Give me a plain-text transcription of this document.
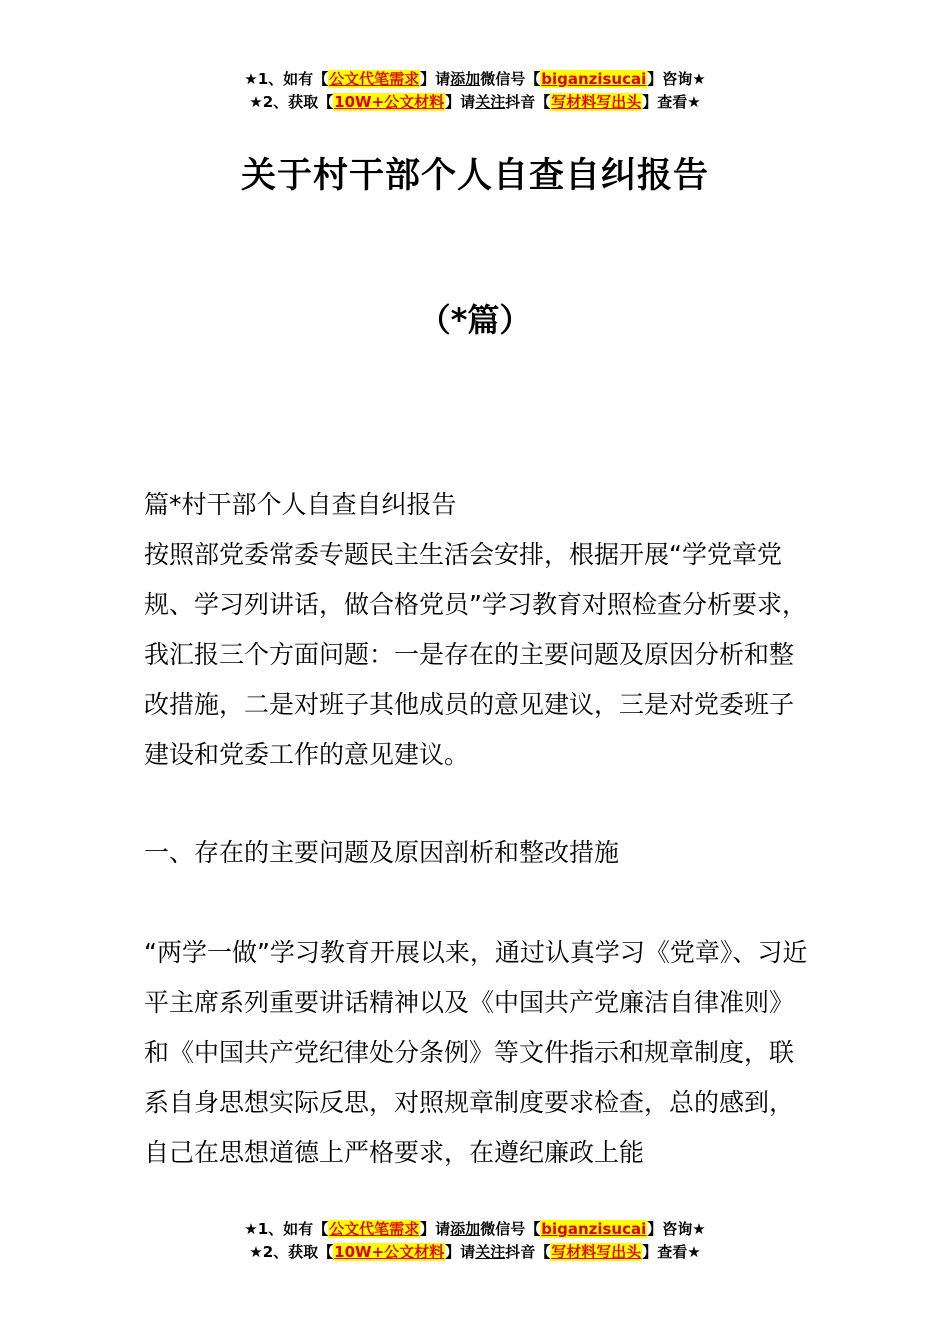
★1、如有【公文代笔需求】请添加微信号【biganzisucai】咨询★
★2、获取【10W+公文材料】请关注抖音【写材料写出头】查看★
关于村干部个人自查自纠报告
（*篇）

篇*村干部个人自查自纠报告

按照部党委常委专题民主生活会安排，根据开展“学党章党规、学习列讲话，做合格党员”学习教育对照检查分析要求，我汇报三个方面问题：一是存在的主要问题及原因分析和整改措施，二是对班子其他成员的意见建议，三是对党委班子建设和党委工作的意见建议。

一、存在的主要问题及原因剖析和整改措施

“两学一做”学习教育开展以来，通过认真学习《党章》、习近平主席系列重要讲话精神以及《中国共产党廉洁自律准则》和《中国共产党纪律处分条例》等文件指示和规章制度，联系自身思想实际反思，对照规章制度要求检查，总的感到，自己在思想道德上严格要求，在遵纪廉政上能

★1、如有【公文代笔需求】请添加微信号【biganzisucai】咨询★
★2、获取【10W+公文材料】请关注抖音【写材料写出头】查看★
